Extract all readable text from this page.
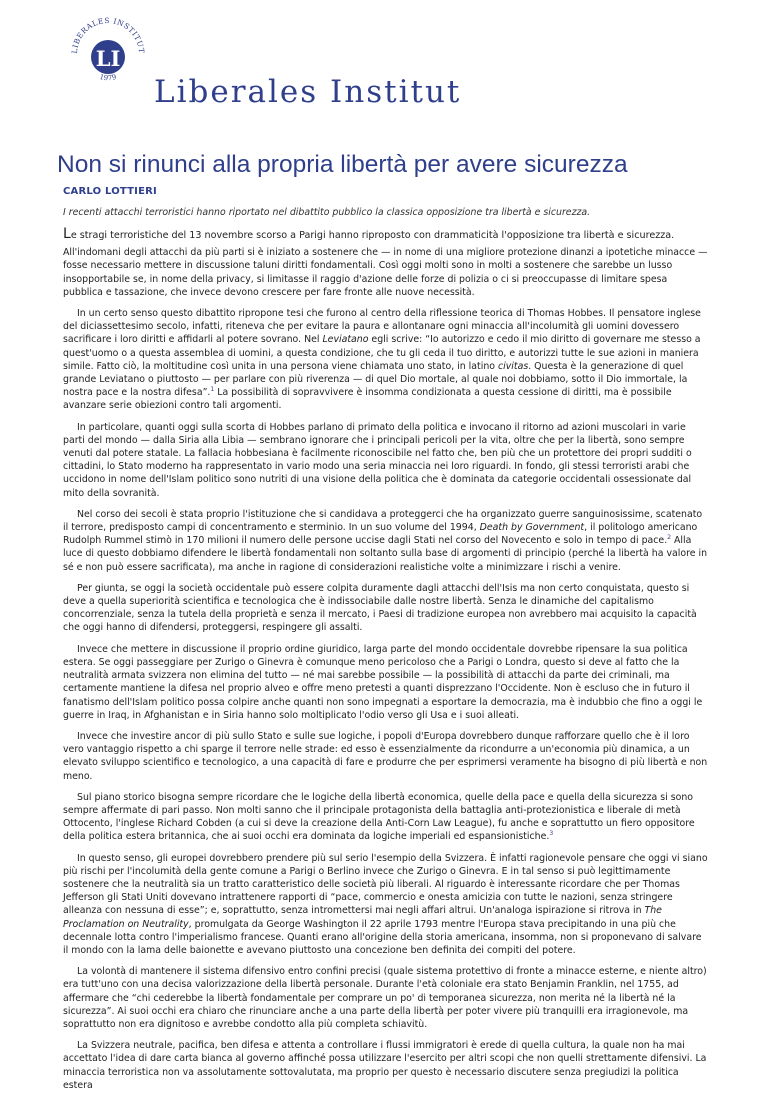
LIBERALES INSTITUT
1979
LI
Liberales Institut
Non si rinunci alla propria libertà per avere sicurezza
CARLO LOTTIERI

I recenti attacchi terroristici hanno riportato nel dibattito pubblico la classica opposizione tra libertà e sicurezza.

Le stragi terroristiche del 13 novembre scorso a Parigi hanno riproposto con drammaticità l'opposizione tra libertà e sicurezza.

All'indomani degli attacchi da più parti si è iniziato a sostenere che — in nome di una migliore protezione dinanzi a ipotetiche minacce — fosse necessario mettere in discussione taluni diritti fondamentali. Così oggi molti sono in molti a sostenere che sarebbe un lusso insopportabile se, in nome della privacy, si limitasse il raggio d'azione delle forze di polizia o ci si preoccupasse di limitare spesa pubblica e tassazione, che invece devono crescere per fare fronte alle nuove necessità.

In un certo senso questo dibattito ripropone tesi che furono al centro della riflessione teorica di Thomas Hobbes. Il pensatore inglese del diciassettesimo secolo, infatti, riteneva che per evitare la paura e allontanare ogni minaccia all'incolumità gli uomini dovessero sacrificare i loro diritti e affidarli al potere sovrano. Nel Leviatano egli scrive: “Io autorizzo e cedo il mio diritto di governare me stesso a quest'uomo o a questa assemblea di uomini, a questa condizione, che tu gli ceda il tuo diritto, e autorizzi tutte le sue azioni in maniera simile. Fatto ciò, la moltitudine così unita in una persona viene chiamata uno stato, in latino civitas. Questa è la generazione di quel grande Leviatano o piuttosto — per parlare con più riverenza — di quel Dio mortale, al quale noi dobbiamo, sotto il Dio immortale, la nostra pace e la nostra difesa”.$^1$ La possibilità di sopravvivere è insomma condizionata a questa cessione di diritti, ma è possibile avanzare serie obiezioni contro tali argomenti.

In particolare, quanti oggi sulla scorta di Hobbes parlano di primato della politica e invocano il ritorno ad azioni muscolari in varie parti del mondo — dalla Siria alla Libia — sembrano ignorare che i principali pericoli per la vita, oltre che per la libertà, sono sempre venuti dal potere statale. La fallacia hobbesiana è facilmente riconoscibile nel fatto che, ben più che un protettore dei propri sudditi o cittadini, lo Stato moderno ha rappresentato in vario modo una seria minaccia nei loro riguardi. In fondo, gli stessi terroristi arabi che uccidono in nome dell'Islam politico sono nutriti di una visione della politica che è dominata da categorie occidentali ossessionate dal mito della sovranità.

Nel corso dei secoli è stata proprio l'istituzione che si candidava a proteggerci che ha organizzato guerre sanguinosissime, scatenato il terrore, predisposto campi di concentramento e sterminio. In un suo volume del 1994, Death by Government, il politologo americano Rudolph Rummel stimò in 170 milioni il numero delle persone uccise dagli Stati nel corso del Novecento e solo in tempo di pace.$^2$ Alla luce di questo dobbiamo difendere le libertà fondamentali non soltanto sulla base di argomenti di principio (perché la libertà ha valore in sé e non può essere sacrificata), ma anche in ragione di considerazioni realistiche volte a minimizzare i rischi a venire.

Per giunta, se oggi la società occidentale può essere colpita duramente dagli attacchi dell'Isis ma non certo conquistata, questo si deve a quella superiorità scientifica e tecnologica che è indissociabile dalle nostre libertà. Senza le dinamiche del capitalismo concorrenziale, senza la tutela della proprietà e senza il mercato, i Paesi di tradizione europea non avrebbero mai acquisito la capacità che oggi hanno di difendersi, proteggersi, respingere gli assalti.

Invece che mettere in discussione il proprio ordine giuridico, larga parte del mondo occidentale dovrebbe ripensare la sua politica estera. Se oggi passeggiare per Zurigo o Ginevra è comunque meno pericoloso che a Parigi o Londra, questo si deve al fatto che la neutralità armata svizzera non elimina del tutto — né mai sarebbe possibile — la possibilità di attacchi da parte dei criminali, ma certamente mantiene la difesa nel proprio alveo e offre meno pretesti a quanti disprezzano l'Occidente. Non è escluso che in futuro il fanatismo dell'Islam politico possa colpire anche quanti non sono impegnati a esportare la democrazia, ma è indubbio che fino a oggi le guerre in Iraq, in Afghanistan e in Siria hanno solo moltiplicato l'odio verso gli Usa e i suoi alleati.

Invece che investire ancor di più sullo Stato e sulle sue logiche, i popoli d'Europa dovrebbero dunque rafforzare quello che è il loro vero vantaggio rispetto a chi sparge il terrore nelle strade: ed esso è essenzialmente da ricondurre a un'economia più dinamica, a un elevato sviluppo scientifico e tecnologico, a una capacità di fare e produrre che per esprimersi veramente ha bisogno di più libertà e non meno.

Sul piano storico bisogna sempre ricordare che le logiche della libertà economica, quelle della pace e quella della sicurezza si sono sempre affermate di pari passo. Non molti sanno che il principale protagonista della battaglia anti-protezionistica e liberale di metà Ottocento, l'inglese Richard Cobden (a cui si deve la creazione della Anti-Corn Law League), fu anche e soprattutto un fiero oppositore della politica estera britannica, che ai suoi occhi era dominata da logiche imperiali ed espansionistiche.$^3$

In questo senso, gli europei dovrebbero prendere più sul serio l'esempio della Svizzera. È infatti ragionevole pensare che oggi vi siano più rischi per l'incolumità della gente comune a Parigi o Berlino invece che Zurigo o Ginevra. E in tal senso si può legittimamente sostenere che la neutralità sia un tratto caratteristico delle società più liberali. Al riguardo è interessante ricordare che per Thomas Jefferson gli Stati Uniti dovevano intrattenere rapporti di “pace, commercio e onesta amicizia con tutte le nazioni, senza stringere alleanza con nessuna di esse”; e, soprattutto, senza intromettersi mai negli affari altrui. Un'analoga ispirazione si ritrova in The Proclamation on Neutrality, promulgata da George Washington il 22 aprile 1793 mentre l'Europa stava precipitando in una più che decennale lotta contro l'imperialismo francese. Quanti erano all'origine della storia americana, insomma, non si proponevano di salvare il mondo con la lama delle baionette e avevano piuttosto una concezione ben definita dei compiti del potere.

La volontà di mantenere il sistema difensivo entro confini precisi (quale sistema protettivo di fronte a minacce esterne, e niente altro) era tutt'uno con una decisa valorizzazione della libertà personale. Durante l'età coloniale era stato Benjamin Franklin, nel 1755, ad affermare che “chi cederebbe la libertà fondamentale per comprare un po' di temporanea sicurezza, non merita né la libertà né la sicurezza”. Ai suoi occhi era chiaro che rinunciare anche a una parte della libertà per poter vivere più tranquilli era irragionevole, ma soprattutto non era dignitoso e avrebbe condotto alla più completa schiavitù.

La Svizzera neutrale, pacifica, ben difesa e attenta a controllare i flussi immigratori è erede di quella cultura, la quale non ha mai accettato l'idea di dare carta bianca al governo affinché possa utilizzare l'esercito per altri scopi che non quelli strettamente difensivi. La minaccia terroristica non va assolutamente sottovalutata, ma proprio per questo è necessario discutere senza pregiudizi la politica estera
